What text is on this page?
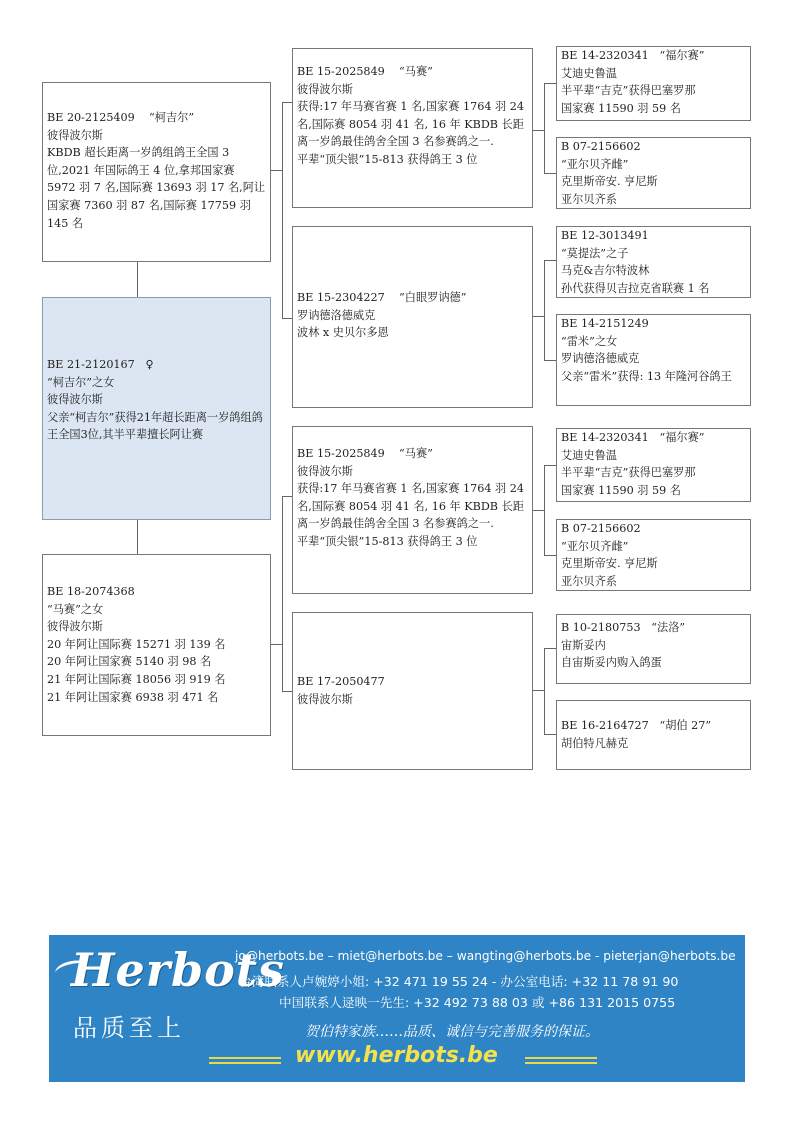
BE 20-2125409 “柯吉尔”
彼得波尔斯
KBDB 超长距离一岁鸽组鸽王全国 3 位,2021 年国际鸽王 4 位,拿邦国家赛 5972 羽 7 名,国际赛 13693 羽 17 名,阿让国家赛 7360 羽 87 名,国际赛 17759 羽 145 名
BE 21-2120167 ♀
“柯吉尔”之女
彼得波尔斯
父亲“柯吉尔”获得21年超长距离一岁鸽组鸽王全国3位,其半平辈擅长阿让赛
BE 18-2074368
“马赛”之女
彼得波尔斯
20 年阿让国际赛 15271 羽 139 名
20 年阿让国家赛 5140 羽 98 名
21 年阿让国际赛 18056 羽 919 名
21 年阿让国家赛 6938 羽 471 名
BE 15-2025849 “马赛”
彼得波尔斯
获得:17 年马赛省赛 1 名,国家赛 1764 羽 24 名,国际赛 8054 羽 41 名, 16 年 KBDB 长距离一岁鸽最佳鸽舍全国 3 名参赛鸽之一.
平辈“顶尖银”15-813 获得鸽王 3 位
BE 15-2304227 “白眼罗讷德”
罗讷德洛德威克
波林 x 史贝尔多恩
BE 15-2025849 “马赛”
彼得波尔斯
获得:17 年马赛省赛 1 名,国家赛 1764 羽 24 名,国际赛 8054 羽 41 名, 16 年 KBDB 长距离一岁鸽最佳鸽舍全国 3 名参赛鸽之一.
平辈“顶尖银”15-813 获得鸽王 3 位
BE 17-2050477
彼得波尔斯
BE 14-2320341 “福尔赛”
艾迪史鲁温
半平辈“吉克”获得巴塞罗那
国家赛 11590 羽 59 名
B 07-2156602
“亚尔贝齐雌”
克里斯帝安. 亨尼斯
亚尔贝齐系
BE 12-3013491
“莫提法”之子
马克&吉尔特波林
孙代获得贝吉拉克省联赛 1 名
BE 14-2151249
“雷米”之女
罗讷德洛德威克
父亲“雷米”获得: 13 年隆河谷鸽王
BE 14-2320341 “福尔赛”
艾迪史鲁温
半平辈“吉克”获得巴塞罗那
国家赛 11590 羽 59 名
B 07-2156602
“亚尔贝齐雌”
克里斯帝安. 亨尼斯
亚尔贝齐系
B 10-2180753 “法洛”
宙斯妥内
自宙斯妥内购入鸽蛋
BE 16-2164727 “胡伯 27”
胡伯特凡赫克
Herbots
品质至上
jo@herbots.be – miet@herbots.be – wangting@herbots.be - pieterjan@herbots.be
台湾联系人卢婉婷小姐: +32 471 19 55 24 - 办公室电话: +32 11 78 91 90
中国联系人逯映一先生: +32 492 73 88 03 或 +86 131 2015 0755
贺伯特家族……品质、诚信与完善服务的保证。
www.herbots.be
